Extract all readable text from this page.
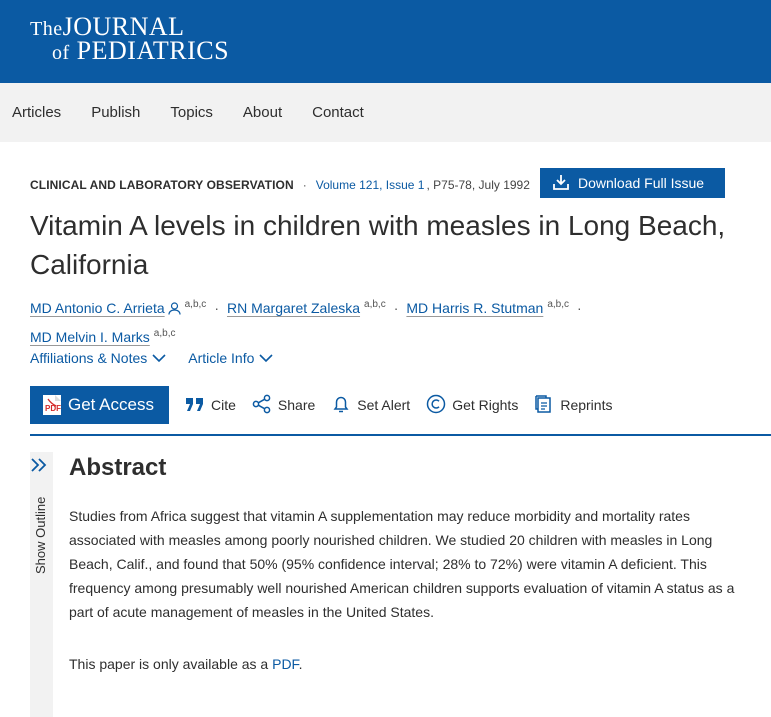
TheJOURNAL
of PEDIATRICS
Articles Publish Topics About Contact
CLINICAL AND LABORATORY OBSERVATION · Volume 121, Issue 1 , P75-78, July 1992	Download Full Issue
Vitamin A levels in children with measles in Long Beach, California
MD Antonio C. Arrieta $^{a,b,c}$ · RN Margaret Zaleska $^{a,b,c}$ · MD Harris R. Stutman $^{a,b,c}$ ·
MD Melvin I. Marks $^{a,b,c}$
Affiliations & Notes	Article Info
PDF Get Access	Cite	Share	Set Alert	Get Rights	Reprints
Show Outline
Abstract

Studies from Africa suggest that vitamin A supplementation may reduce morbidity and mortality rates associated with measles among poorly nourished children. We studied 20 children with measles in Long Beach, Calif., and found that 50% (95% confidence interval; 28% to 72%) were vitamin A deficient. This frequency among presumably well nourished American children supports evaluation of vitamin A status as a part of acute management of measles in the United States.

This paper is only available as a PDF.
